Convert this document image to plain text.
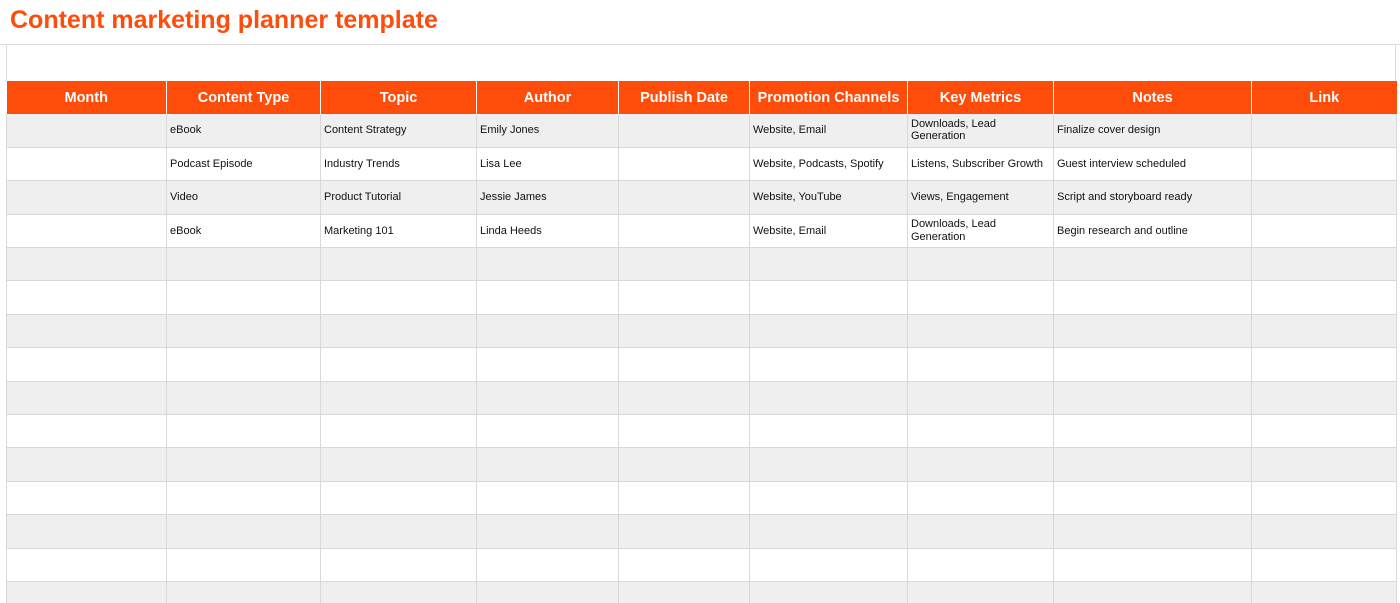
Content marketing planner template
Month	Content Type	Topic	Author	Publish Date	Promotion Channels	Key Metrics	Notes	Link
	eBook	Content Strategy	Emily Jones		Website, Email	Downloads, Lead Generation	Finalize cover design	
	Podcast Episode	Industry Trends	Lisa Lee		Website, Podcasts, Spotify	Listens, Subscriber Growth	Guest interview scheduled	
	Video	Product Tutorial	Jessie James		Website, YouTube	Views, Engagement	Script and storyboard ready	
	eBook	Marketing 101	Linda Heeds		Website, Email	Downloads, Lead Generation	Begin research and outline	
